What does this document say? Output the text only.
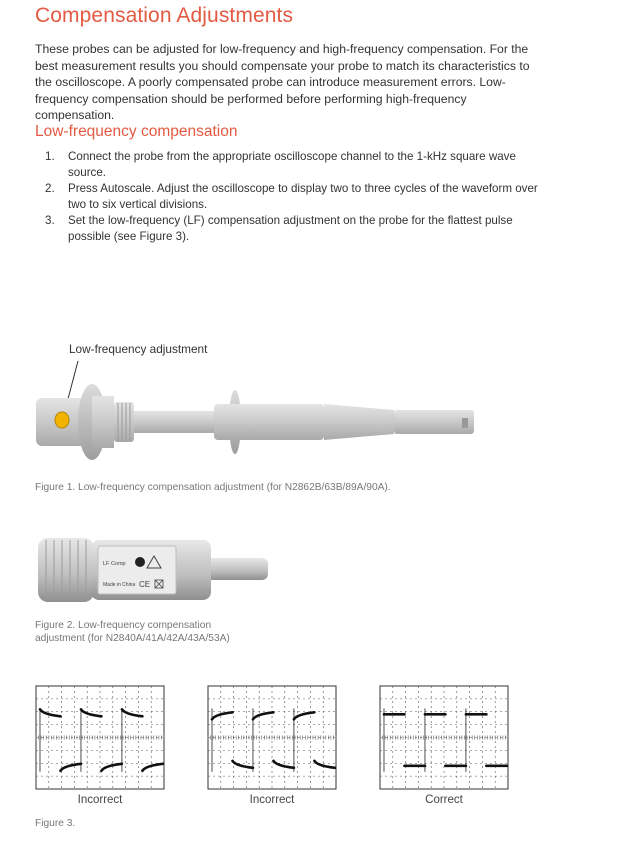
Compensation Adjustments

These probes can be adjusted for low-frequency and high-frequency compensation. For the best measurement results you should compensate your probe to match its characteristics to the oscilloscope. A poorly compensated probe can introduce measurement errors. Low-frequency compensation should be performed before performing high-frequency compensation.

Low-frequency compensation
1. Connect the probe from the appropriate oscilloscope channel to the 1-kHz square wave source.
2. Press Autoscale. Adjust the oscilloscope to display two to three cycles of the waveform over two to six vertical divisions.
3. Set the low-frequency (LF) compensation adjustment on the probe for the flattest pulse possible (see Figure 3).
Low-frequency adjustment

Figure 1. Low-frequency compensation adjustment (for N2862B/63B/89A/90A).

LF Comp
Made in China CE

Figure 2. Low-frequency compensation

adjustment (for N2840A/41A/42A/43A/53A)

Incorrect	Incorrect	Correct

Figure 3.
